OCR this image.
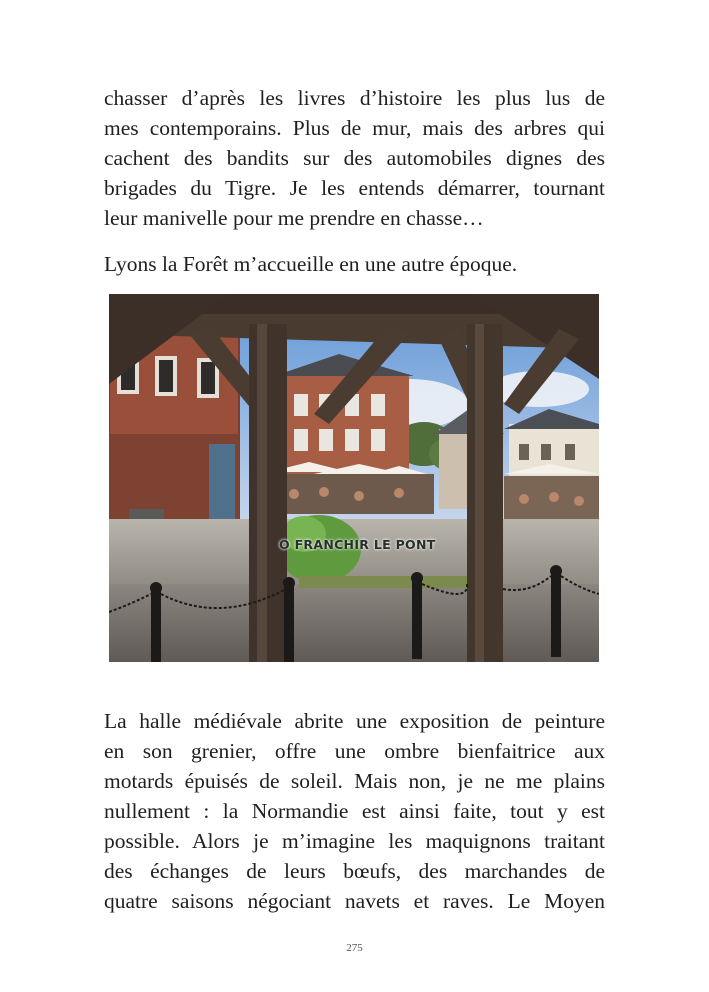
chasser d’après les livres d’histoire les plus lus de
mes contemporains. Plus de mur, mais des arbres qui
cachent des bandits sur des automobiles dignes des
brigades du Tigre. Je les entends démarrer, tournant
leur manivelle pour me prendre en chasse…

Lyons la Forêt m’accueille en une autre époque.

O FRANCHIR LE PONT

La halle médiévale abrite une exposition de peinture
en son grenier, offre une ombre bienfaitrice aux
motards épuisés de soleil. Mais non, je ne me plains
nullement : la Normandie est ainsi faite, tout y est
possible. Alors je m’imagine les maquignons traitant
des échanges de leurs bœufs, des marchandes de
quatre saisons négociant navets et raves. Le Moyen

275
